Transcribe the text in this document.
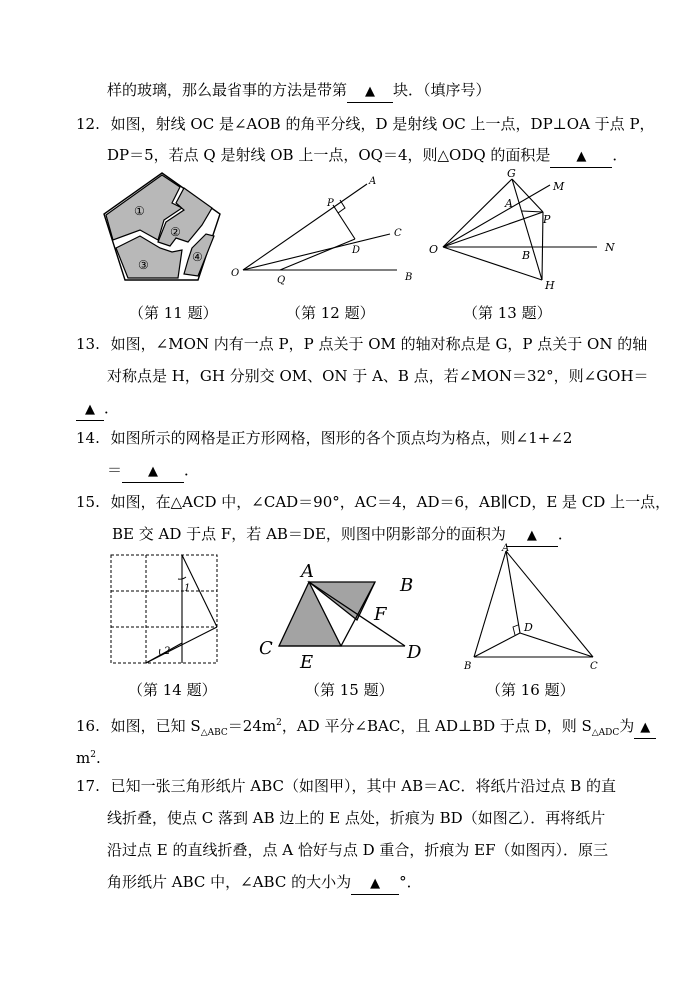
样的玻璃，那么最省事的方法是带第 ▲ 块．（填序号）
12. 如图，射线 OC 是∠AOB 的角平分线，D 是射线 OC 上一点，DP⊥OA 于点 P，
DP＝5，若点 Q 是射线 OB 上一点，OQ＝4，则△ODQ 的面积是 ▲ ．
①
②
③
④
A
P
C
D
O
Q	B
G
M
A
P
O	B
N
H
（第 11 题）	（第 12 题）	（第 13 题）
13. 如图，∠MON 内有一点 P，P 点关于 OM 的轴对称点是 G，P 点关于 ON 的轴
对称点是 H，GH 分别交 OM、ON 于 A、B 点，若∠MON＝32°，则∠GOH＝
▲ ．
14. 如图所示的网格是正方形网格，图形的各个顶点均为格点，则∠1+∠2
＝ ▲ ．
15. 如图，在△ACD 中，∠CAD＝90°，AC＝4，AD＝6，AB∥CD，E 是 CD 上一点，
BE 交 AD 于点 F，若 AB＝DE，则图中阴影部分的面积为 ▲ ．
1
2
A
B
F
C
E	D
A
D
B	C
（第 14 题）	（第 15 题）	（第 16 题）
16. 如图，已知 $S_{\triangle ABC}=24m^2$，AD 平分∠BAC，且 AD⊥BD 于点 D，则 $S_{\triangle ADC}$为 ▲
$m^2$.
17. 已知一张三角形纸片 ABC（如图甲），其中 AB＝AC．将纸片沿过点 B 的直
线折叠，使点 C 落到 AB 边上的 E 点处，折痕为 BD（如图乙）．再将纸片
沿过点 E 的直线折叠，点 A 恰好与点 D 重合，折痕为 EF（如图丙）．原三
角形纸片 ABC 中，∠ABC 的大小为 ▲ °．
